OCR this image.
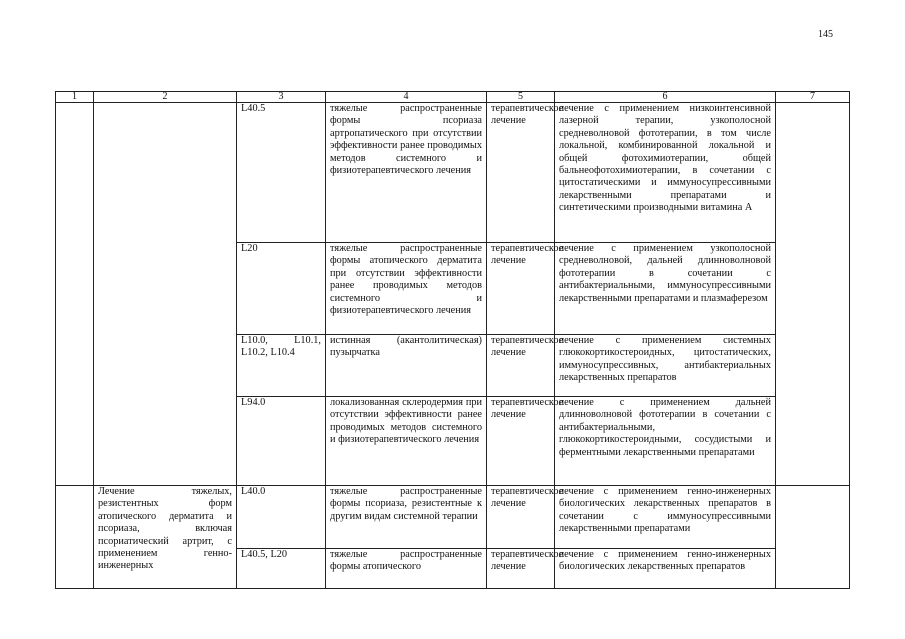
145
1	2	3	4	5	6	7
		L40.5	тяжелые распространенные формы псориаза артропатического при отсутствии эффективности ранее проводимых методов системного и физиотерапевтического лечения	терапевтическое лечение	лечение с применением низкоинтенсивной лазерной терапии, узкополосной средневолновой фототерапии, в том числе локальной, комбинированной локальной и общей фотохимиотерапии, общей бальнеофотохимиотерапии, в сочетании с цитостатическими и иммуносупрессивными лекарственными препаратами и синтетическими производными витамина А	
		L20	тяжелые распространенные формы атопического дерматита при отсутствии эффективности ранее проводимых методов системного и физиотерапевтического лечения	терапевтическое лечение	лечение с применением узкополосной средневолновой, дальней длинноволновой фототерапии в сочетании с антибактериальными, иммуносупрессивными лекарственными препаратами и плазмаферезом	
		L10.0, L10.1, L10.2, L10.4	истинная (акантолитическая) пузырчатка	терапевтическое лечение	лечение с применением системных глюкокортикостероидных, цитостатических, иммуносупрессивных, антибактериальных лекарственных препаратов	
		L94.0	локализованная склеродермия при отсутствии эффективности ранее проводимых методов системного и физиотерапевтического лечения	терапевтическое лечение	лечение с применением дальней длинноволновой фототерапии в сочетании с антибактериальными, глюкокортикостероидными, сосудистыми и ферментными лекарственными препаратами	
	Лечение тяжелых, резистентных форм атопического дерматита и псориаза, включая псориатический артрит, с применением генно-инженерных	L40.0	тяжелые распространенные формы псориаза, резистентные к другим видам системной терапии	терапевтическое лечение	лечение с применением генно-инженерных биологических лекарственных препаратов в сочетании с иммуносупрессивными лекарственными препаратами	
		L40.5, L20	тяжелые распространенные формы атопического	терапевтическое лечение	лечение с применением генно-инженерных биологических лекарственных препаратов	
